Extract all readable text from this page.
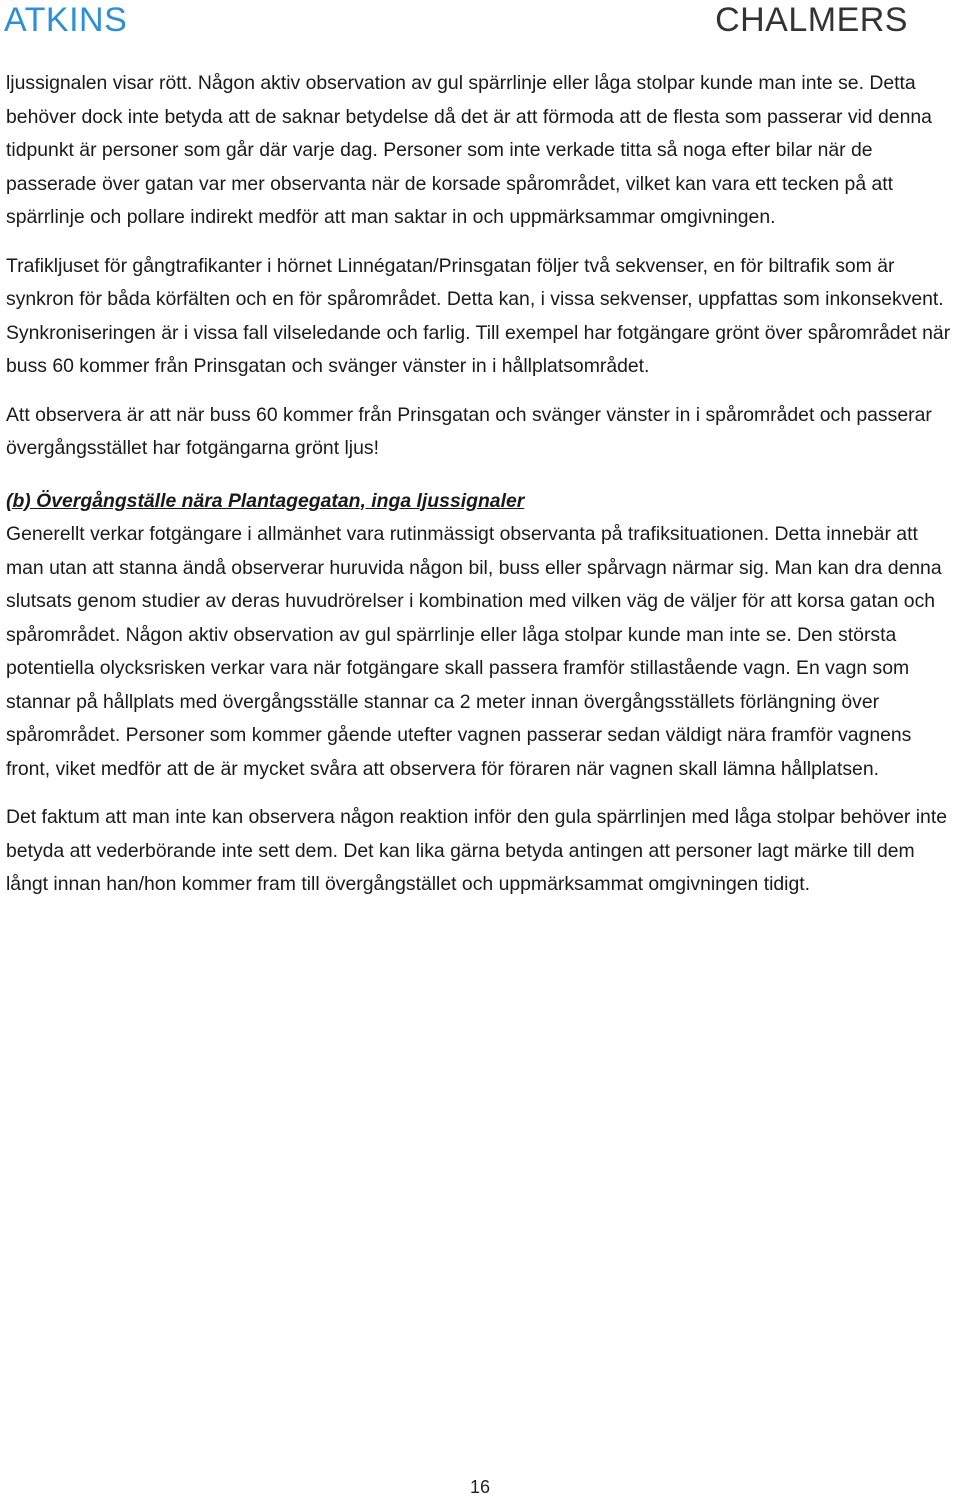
ATKINS	CHALMERS

ljussignalen visar rött. Någon aktiv observation av gul spärrlinje eller låga stolpar kunde man inte se. Detta behöver dock inte betyda att de saknar betydelse då det är att förmoda att de flesta som passerar vid denna tidpunkt är personer som går där varje dag. Personer som inte verkade titta så noga efter bilar när de passerade över gatan var mer observanta när de korsade spårområdet, vilket kan vara ett tecken på att spärrlinje och pollare indirekt medför att man saktar in och uppmärksammar omgivningen.

Trafikljuset för gångtrafikanter i hörnet Linnégatan/Prinsgatan följer två sekvenser, en för biltrafik som är synkron för båda körfälten och en för spårområdet. Detta kan, i vissa sekvenser, uppfattas som inkonsekvent. Synkroniseringen är i vissa fall vilseledande och farlig. Till exempel har fotgängare grönt över spårområdet när buss 60 kommer från Prinsgatan och svänger vänster in i hållplatsområdet.

Att observera är att när buss 60 kommer från Prinsgatan och svänger vänster in i spårområdet och passerar övergångsstället har fotgängarna grönt ljus!

(b) Övergångställe nära Plantagegatan, inga ljussignaler

Generellt verkar fotgängare i allmänhet vara rutinmässigt observanta på trafiksituationen. Detta innebär att man utan att stanna ändå observerar huruvida någon bil, buss eller spårvagn närmar sig. Man kan dra denna slutsats genom studier av deras huvudrörelser i kombination med vilken väg de väljer för att korsa gatan och spårområdet. Någon aktiv observation av gul spärrlinje eller låga stolpar kunde man inte se. Den största potentiella olycksrisken verkar vara när fotgängare skall passera framför stillastående vagn. En vagn som stannar på hållplats med övergångsställe stannar ca 2 meter innan övergångsställets förlängning över spårområdet. Personer som kommer gående utefter vagnen passerar sedan väldigt nära framför vagnens front, viket medför att de är mycket svåra att observera för föraren när vagnen skall lämna hållplatsen.

Det faktum att man inte kan observera någon reaktion inför den gula spärrlinjen med låga stolpar behöver inte betyda att vederbörande inte sett dem. Det kan lika gärna betyda antingen att personer lagt märke till dem långt innan han/hon kommer fram till övergångstället och uppmärksammat omgivningen tidigt.

16
